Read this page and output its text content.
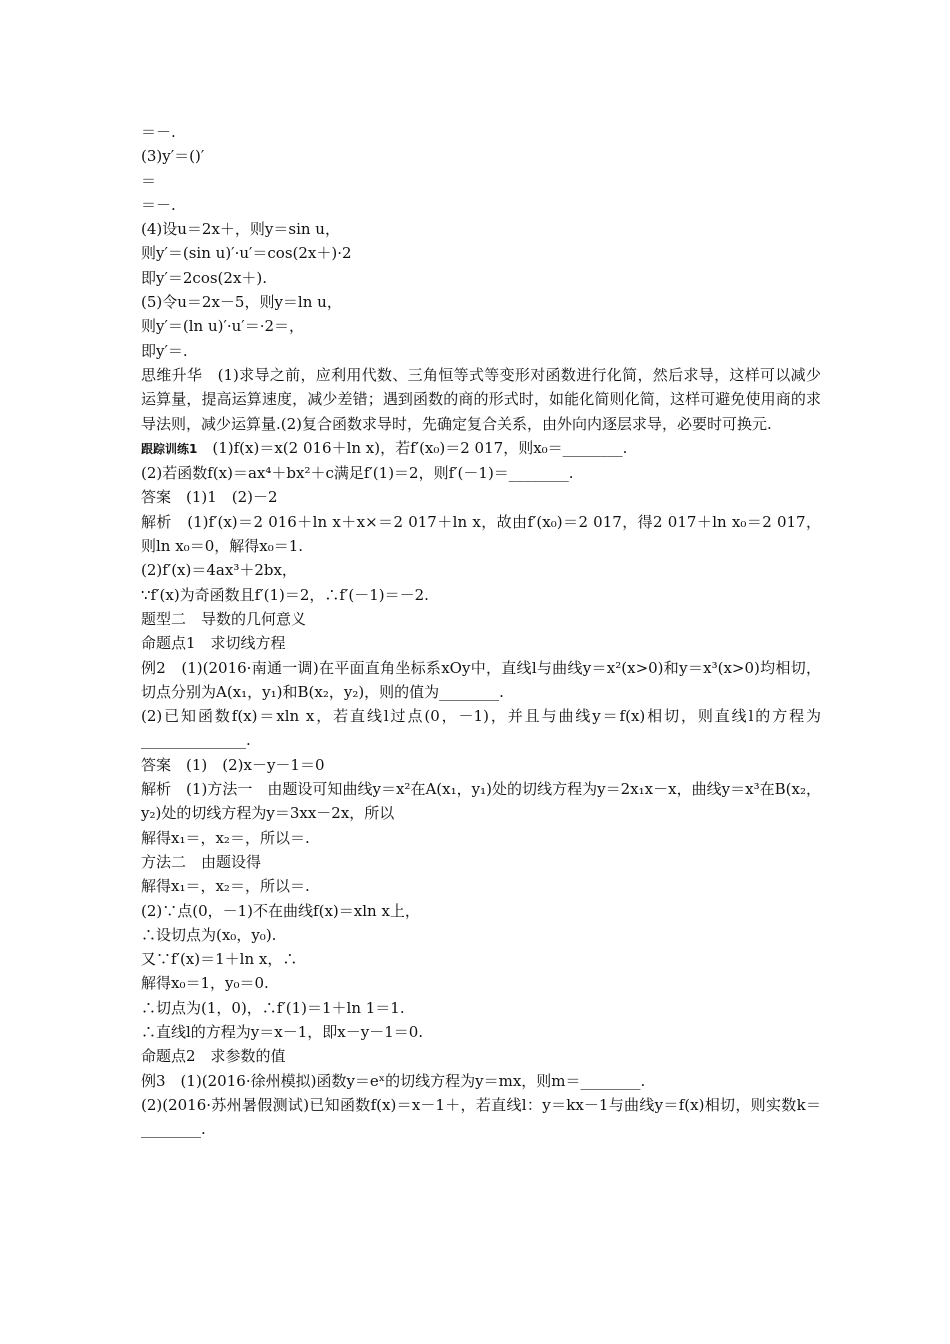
＝－.
(3)y′＝()′
＝
＝－.
(4)设u＝2x＋，则y＝sin u，
则y′＝(sin u)′·u′＝cos(2x＋)·2
即y′＝2cos(2x＋).
(5)令u＝2x－5，则y＝ln u，
则y′＝(ln u)′·u′＝·2＝，
即y′＝.
思维升华　(1)求导之前，应利用代数、三角恒等式等变形对函数进行化简，然后求导，这样可以减少运算量，提高运算速度，减少差错；遇到函数的商的形式时，如能化简则化简，这样可避免使用商的求导法则，减少运算量.(2)复合函数求导时，先确定复合关系，由外向内逐层求导，必要时可换元.
跟踪训练1　(1)f(x)＝x(2 016＋ln x)，若f′(x₀)＝2 017，则x₀＝________.
(2)若函数f(x)＝ax⁴＋bx²＋c满足f′(1)＝2，则f′(－1)＝________.
答案　(1)1　(2)－2
解析　(1)f′(x)＝2 016＋ln x＋x×＝2 017＋ln x，故由f′(x₀)＝2 017，得2 017＋ln x₀＝2 017，则ln x₀＝0，解得x₀＝1.
(2)f′(x)＝4ax³＋2bx，
∵f′(x)为奇函数且f′(1)＝2，∴f′(－1)＝－2.
题型二　导数的几何意义
命题点1　求切线方程
例2　(1)(2016·南通一调)在平面直角坐标系xOy中，直线l与曲线y＝x²(x>0)和y＝x³(x>0)均相切，切点分别为A(x₁，y₁)和B(x₂，y₂)，则的值为________.
(2)已知函数f(x)＝xln x，若直线l过点(0，－1)，并且与曲线y＝f(x)相切，则直线l的方程为______________.
答案　(1)　(2)x－y－1＝0
解析　(1)方法一　由题设可知曲线y＝x²在A(x₁，y₁)处的切线方程为y＝2x₁x－x，曲线y＝x³在B(x₂，y₂)处的切线方程为y＝3xx－2x，所以
解得x₁＝，x₂＝，所以＝.
方法二　由题设得
解得x₁＝，x₂＝，所以＝.
(2)∵点(0，－1)不在曲线f(x)＝xln x上，
∴设切点为(x₀，y₀).
又∵f′(x)＝1＋ln x，∴
解得x₀＝1，y₀＝0.
∴切点为(1，0)，∴f′(1)＝1＋ln 1＝1.
∴直线l的方程为y＝x－1，即x－y－1＝0.
命题点2　求参数的值
例3　(1)(2016·徐州模拟)函数y＝eˣ的切线方程为y＝mx，则m＝________.
(2)(2016·苏州暑假测试)已知函数f(x)＝x－1＋，若直线l：y＝kx－1与曲线y＝f(x)相切，则实数k＝________.
